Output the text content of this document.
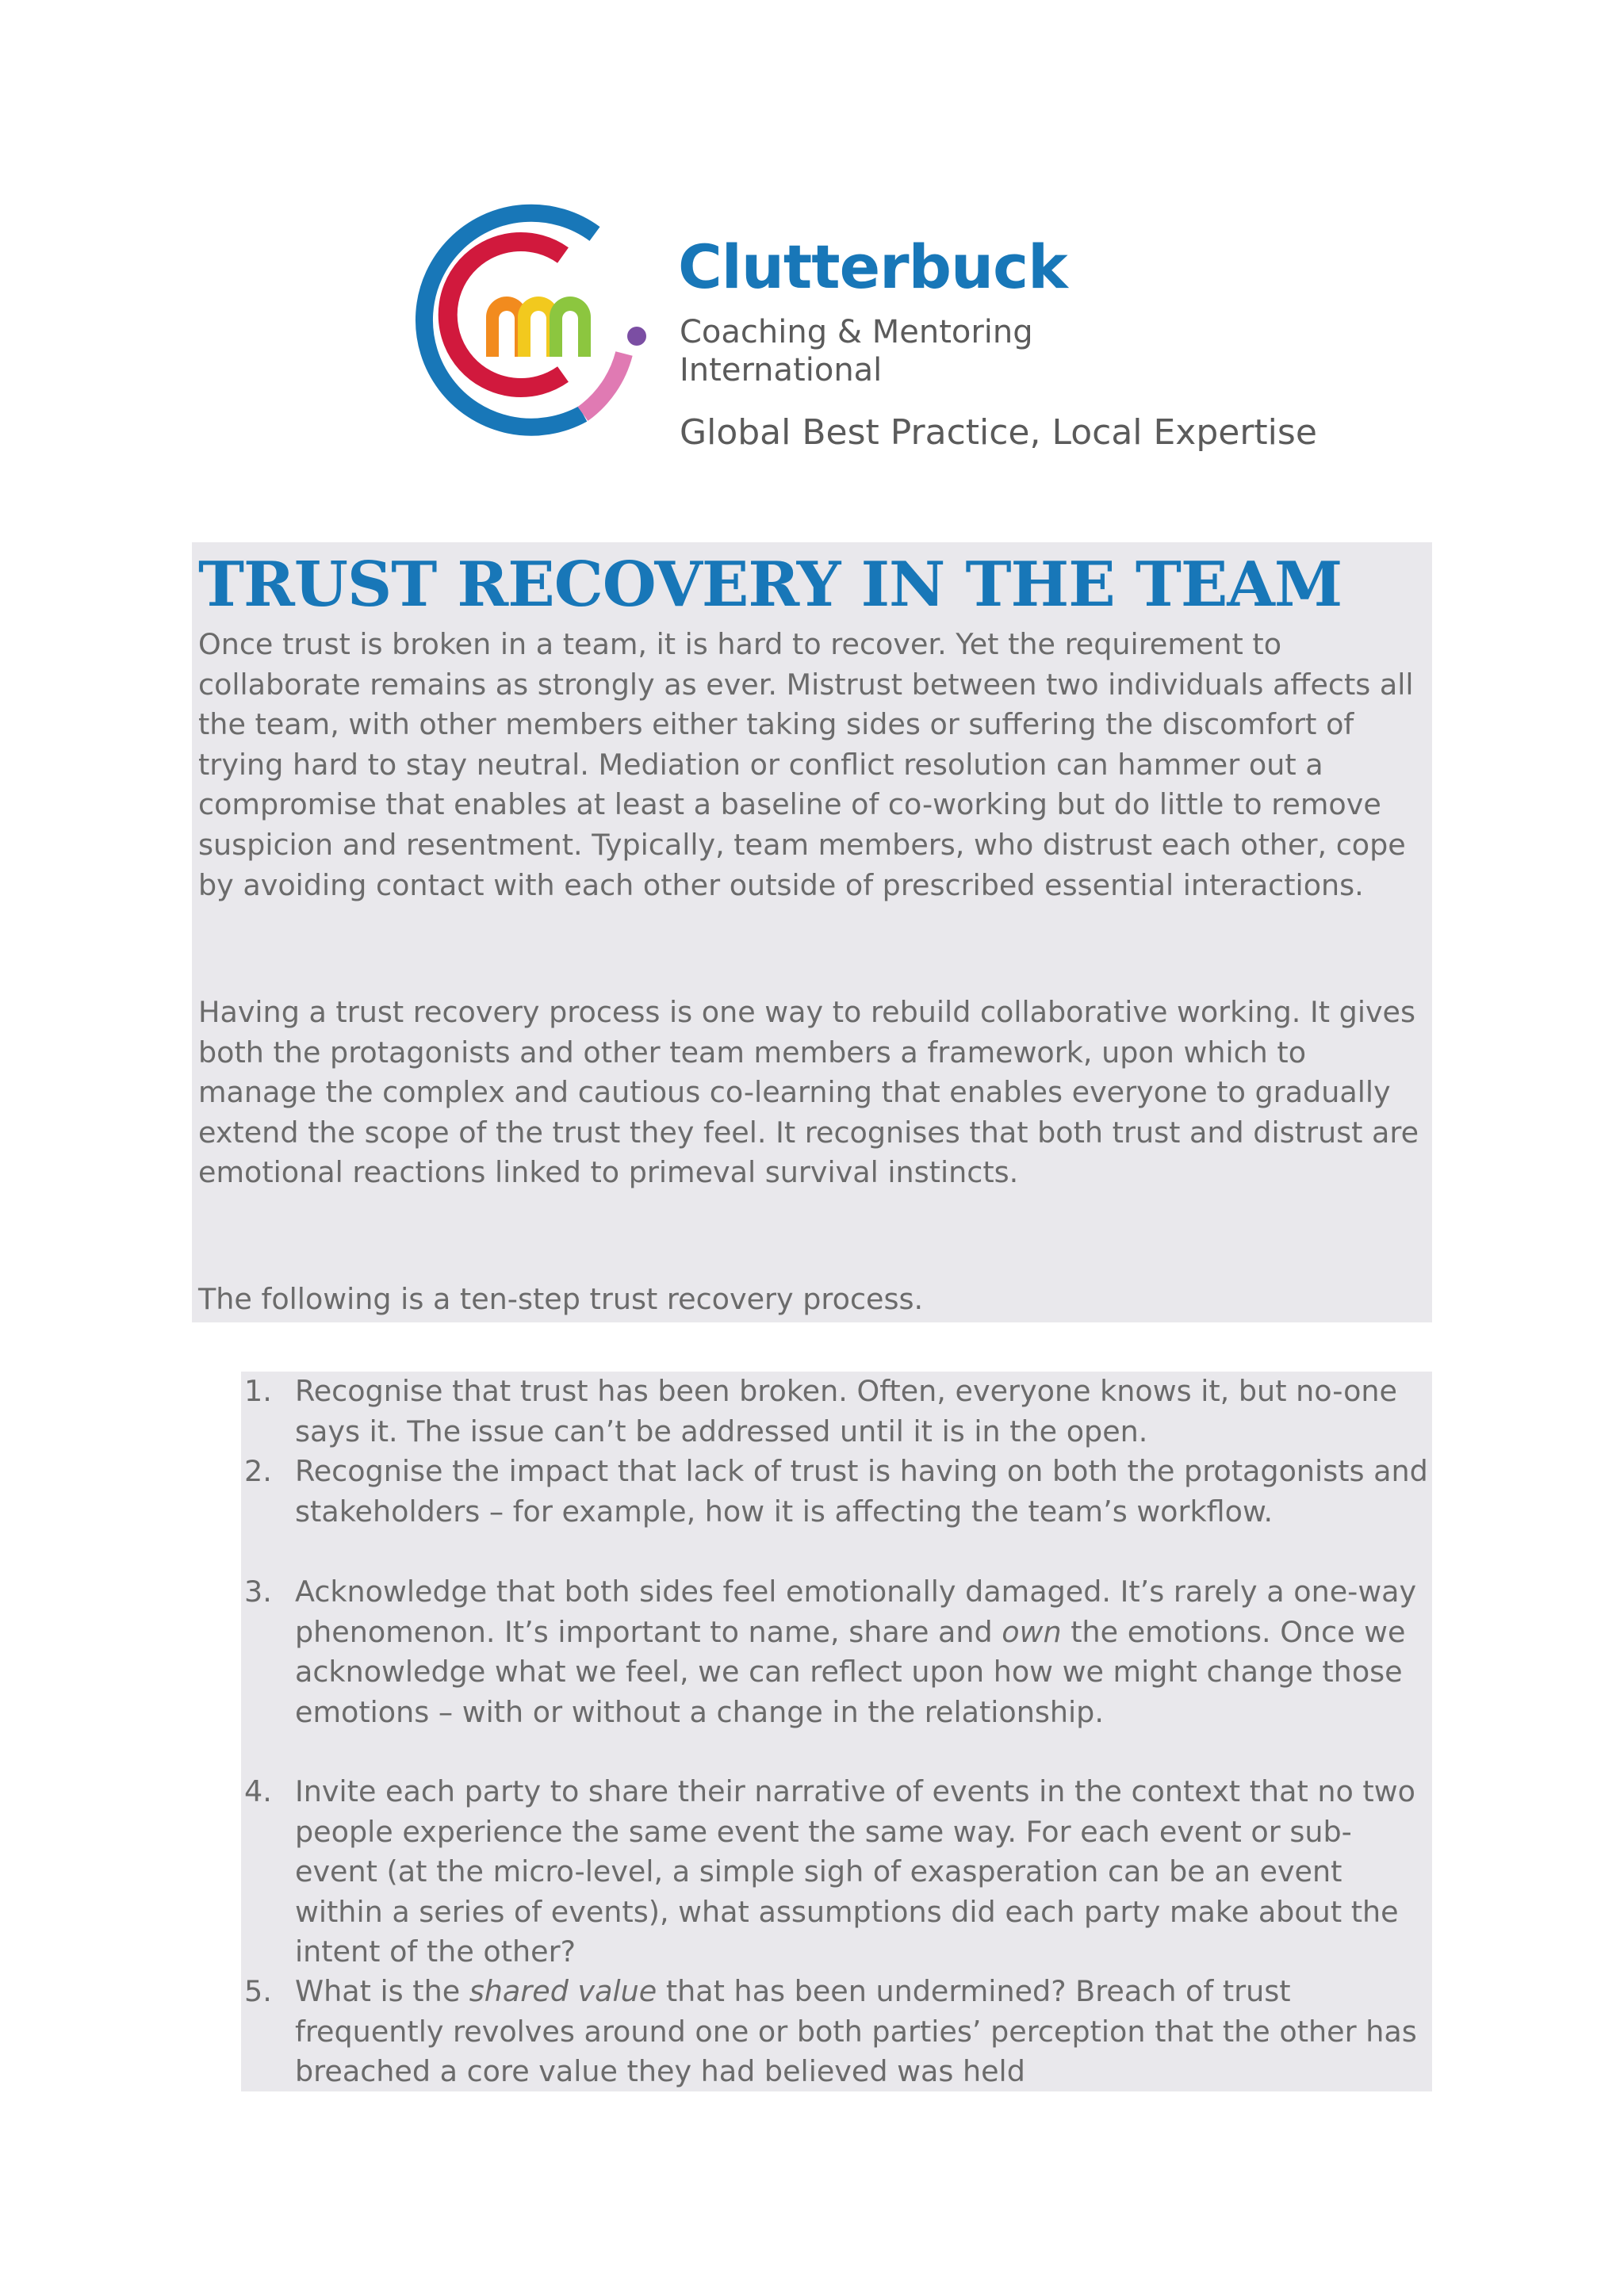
Clutterbuck
Coaching & Mentoring
International
Global Best Practice, Local Expertise
TRUST RECOVERY IN THE TEAM

Once trust is broken in a team, it is hard to recover. Yet the requirement to collaborate remains as strongly as ever. Mistrust between two individuals affects all the team, with other members either taking sides or suffering the discomfort of trying hard to stay neutral. Mediation or conflict resolution can hammer out a compromise that enables at least a baseline of co-working but do little to remove suspicion and resentment. Typically, team members, who distrust each other, cope by avoiding contact with each other outside of prescribed essential interactions.

Having a trust recovery process is one way to rebuild collaborative working. It gives both the protagonists and other team members a framework, upon which to manage the complex and cautious co-learning that enables everyone to gradually extend the scope of the trust they feel. It recognises that both trust and distrust are emotional reactions linked to primeval survival instincts.

The following is a ten-step trust recovery process.

1. Recognise that trust has been broken. Often, everyone knows it, but no-one says it. The issue can’t be addressed until it is in the open.
2. Recognise the impact that lack of trust is having on both the protagonists and stakeholders – for example, how it is affecting the team’s workflow.
3. Acknowledge that both sides feel emotionally damaged. It’s rarely a one-way phenomenon. It’s important to name, share and own the emotions. Once we acknowledge what we feel, we can reflect upon how we might change those emotions – with or without a change in the relationship.
4. Invite each party to share their narrative of events in the context that no two people experience the same event the same way. For each event or sub-event (at the micro-level, a simple sigh of exasperation can be an event within a series of events), what assumptions did each party make about the intent of the other?
5. What is the shared value that has been undermined? Breach of trust frequently revolves around one or both parties’ perception that the other has breached a core value they had believed was held
